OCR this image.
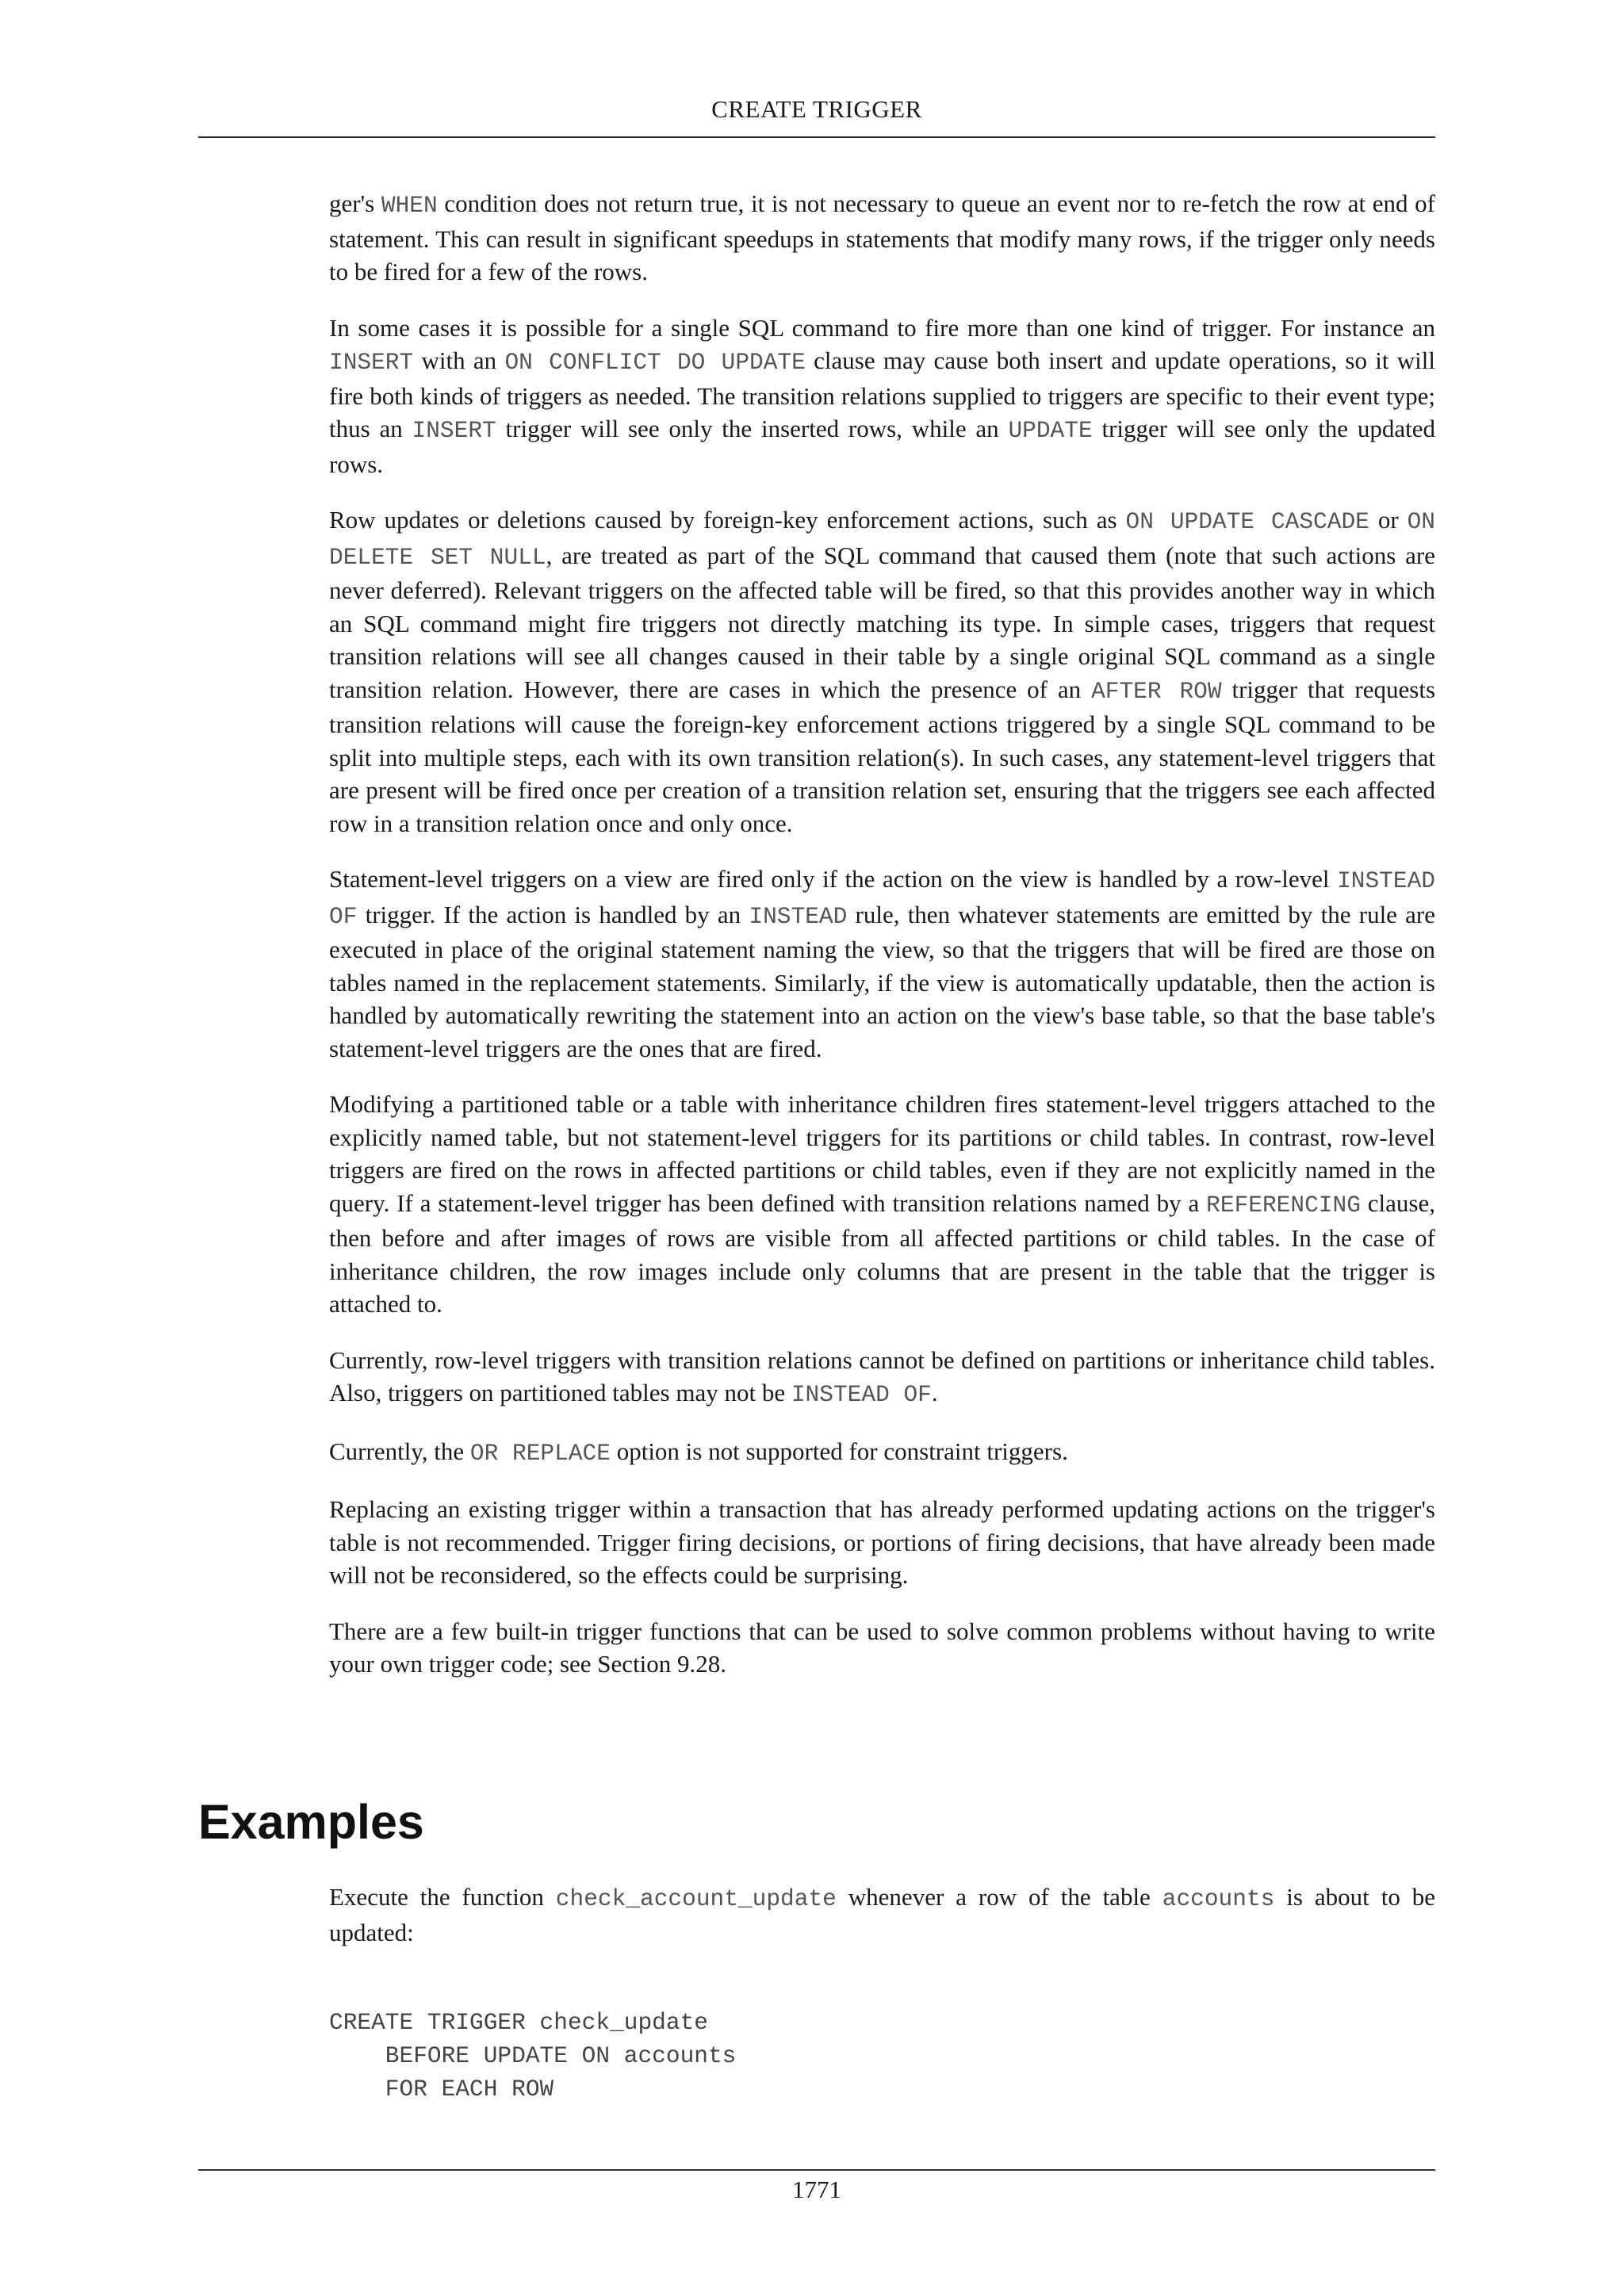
CREATE TRIGGER

ger's WHEN condition does not return true, it is not necessary to queue an event nor to re-fetch the row at end of statement. This can result in significant speedups in statements that modify many rows, if the trigger only needs to be fired for a few of the rows.

In some cases it is possible for a single SQL command to fire more than one kind of trigger. For instance an INSERT with an ON CONFLICT DO UPDATE clause may cause both insert and update operations, so it will fire both kinds of triggers as needed. The transition relations supplied to triggers are specific to their event type; thus an INSERT trigger will see only the inserted rows, while an UPDATE trigger will see only the updated rows.

Row updates or deletions caused by foreign-key enforcement actions, such as ON UPDATE CASCADE or ON DELETE SET NULL, are treated as part of the SQL command that caused them (note that such actions are never deferred). Relevant triggers on the affected table will be fired, so that this provides another way in which an SQL command might fire triggers not directly matching its type. In simple cases, triggers that request transition relations will see all changes caused in their table by a single original SQL command as a single transition relation. However, there are cases in which the presence of an AFTER ROW trigger that requests transition relations will cause the foreign-key enforcement actions triggered by a single SQL command to be split into multiple steps, each with its own transition relation(s). In such cases, any statement-level triggers that are present will be fired once per creation of a transition relation set, ensuring that the triggers see each affected row in a transition relation once and only once.

Statement-level triggers on a view are fired only if the action on the view is handled by a row-level INSTEAD OF trigger. If the action is handled by an INSTEAD rule, then whatever statements are emitted by the rule are executed in place of the original statement naming the view, so that the triggers that will be fired are those on tables named in the replacement statements. Similarly, if the view is automatically updatable, then the action is handled by automatically rewriting the statement into an action on the view's base table, so that the base table's statement-level triggers are the ones that are fired.

Modifying a partitioned table or a table with inheritance children fires statement-level triggers attached to the explicitly named table, but not statement-level triggers for its partitions or child tables. In contrast, row-level triggers are fired on the rows in affected partitions or child tables, even if they are not explicitly named in the query. If a statement-level trigger has been defined with transition relations named by a REFERENCING clause, then before and after images of rows are visible from all affected partitions or child tables. In the case of inheritance children, the row images include only columns that are present in the table that the trigger is attached to.

Currently, row-level triggers with transition relations cannot be defined on partitions or inheritance child tables. Also, triggers on partitioned tables may not be INSTEAD OF.

Currently, the OR REPLACE option is not supported for constraint triggers.

Replacing an existing trigger within a transaction that has already performed updating actions on the trigger's table is not recommended. Trigger firing decisions, or portions of firing decisions, that have already been made will not be reconsidered, so the effects could be surprising.

There are a few built-in trigger functions that can be used to solve common problems without having to write your own trigger code; see Section 9.28.

Examples

Execute the function check_account_update whenever a row of the table accounts is about to be updated:

CREATE TRIGGER check_update
BEFORE UPDATE ON accounts
FOR EACH ROW
1771
